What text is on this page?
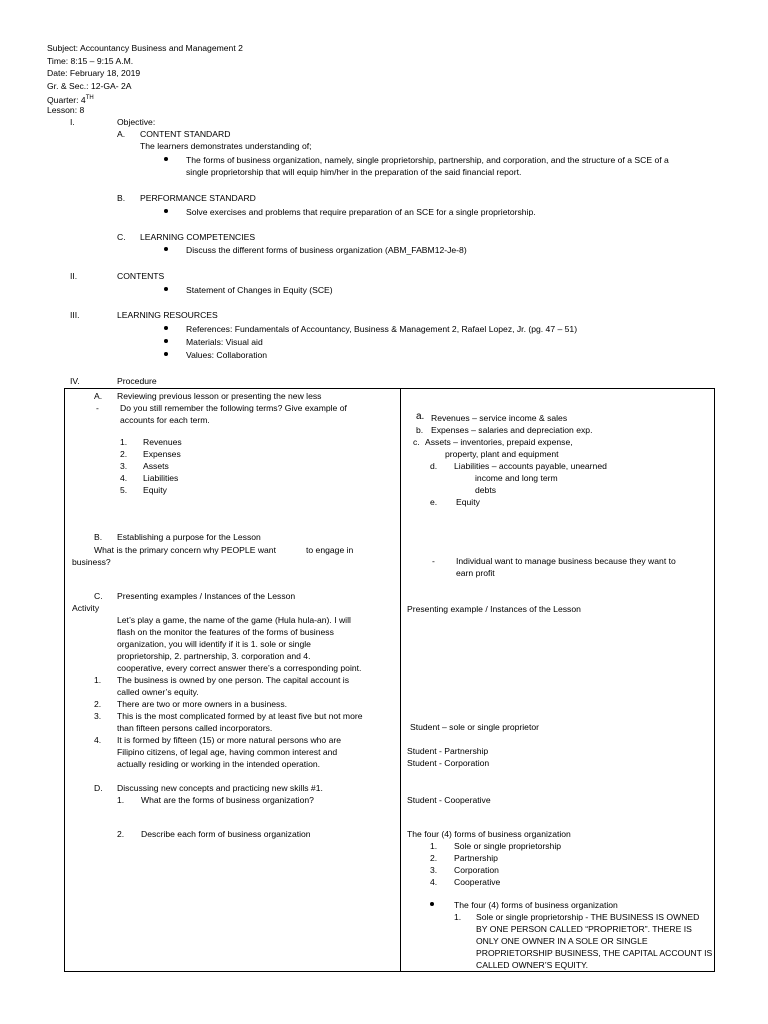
Subject: Accountancy Business and Management 2
Time: 8:15 – 9:15 A.M.
Date: February 18, 2019
Gr. & Sec.: 12-GA- 2A
Quarter: 4TH
Lesson: 8
I.	Objective:
A. CONTENT STANDARD
The learners demonstrates understanding of;
The forms of business organization, namely, single proprietorship, partnership, and corporation, and the structure of a SCE of a
single proprietorship that will equip him/her in the preparation of the said financial report.
B. PERFORMANCE STANDARD
Solve exercises and problems that require preparation of an SCE for a single proprietorship.
C. LEARNING COMPETENCIES
Discuss the different forms of business organization (ABM_FABM12-Je-8)
II.	CONTENTS
Statement of Changes in Equity (SCE)
III.	LEARNING RESOURCES
References: Fundamentals of Accountancy, Business & Management 2, Rafael Lopez, Jr. (pg. 47 – 51)
Materials: Visual aid
Values: Collaboration
IV.	Procedure
A. Reviewing previous lesson or presenting the new less
- Do you still remember the following terms? Give example of
accounts for each term.
1. Revenues
2. Expenses
3. Assets
4. Liabilities
5. Equity
B. Establishing a purpose for the Lesson
What is the primary concern why PEOPLE want	to engage in
business?
C. Presenting examples / Instances of the Lesson
Activity
Let’s play a game, the name of the game (Hula hula-an). I will
flash on the monitor the features of the forms of business
organization, you will identify if it is 1. sole or single
proprietorship, 2. partnership, 3. corporation and 4.
cooperative, every correct answer there’s a corresponding point.
1. The business is owned by one person. The capital account is
called owner’s equity.
2. There are two or more owners in a business.
3. This is the most complicated formed by at least five but not more
than fifteen persons called incorporators.
4. It is formed by fifteen (15) or more natural persons who are
Filipino citizens, of legal age, having common interest and
actually residing or working in the intended operation.
D. Discussing new concepts and practicing new skills #1.
1. What are the forms of business organization?
2. Describe each form of business organization
a. Revenues – service income & sales
b. Expenses – salaries and depreciation exp.
c. Assets – inventories, prepaid expense,
property, plant and equipment
d. Liabilities – accounts payable, unearned
income and long term
debts
e. Equity
- Individual want to manage business because they want to
earn profit
Presenting example / Instances of the Lesson
Student – sole or single proprietor
Student - Partnership
Student - Corporation
Student - Cooperative
The four (4) forms of business organization
1. Sole or single proprietorship
2. Partnership
3. Corporation
4. Cooperative
The four (4) forms of business organization
1. Sole or single proprietorship - THE BUSINESS IS OWNED
BY ONE PERSON CALLED “PROPRIETOR”. THERE IS
ONLY ONE OWNER IN A SOLE OR SINGLE
PROPRIETORSHIP BUSINESS, THE CAPITAL ACCOUNT IS
CALLED OWNER’S EQUITY.
